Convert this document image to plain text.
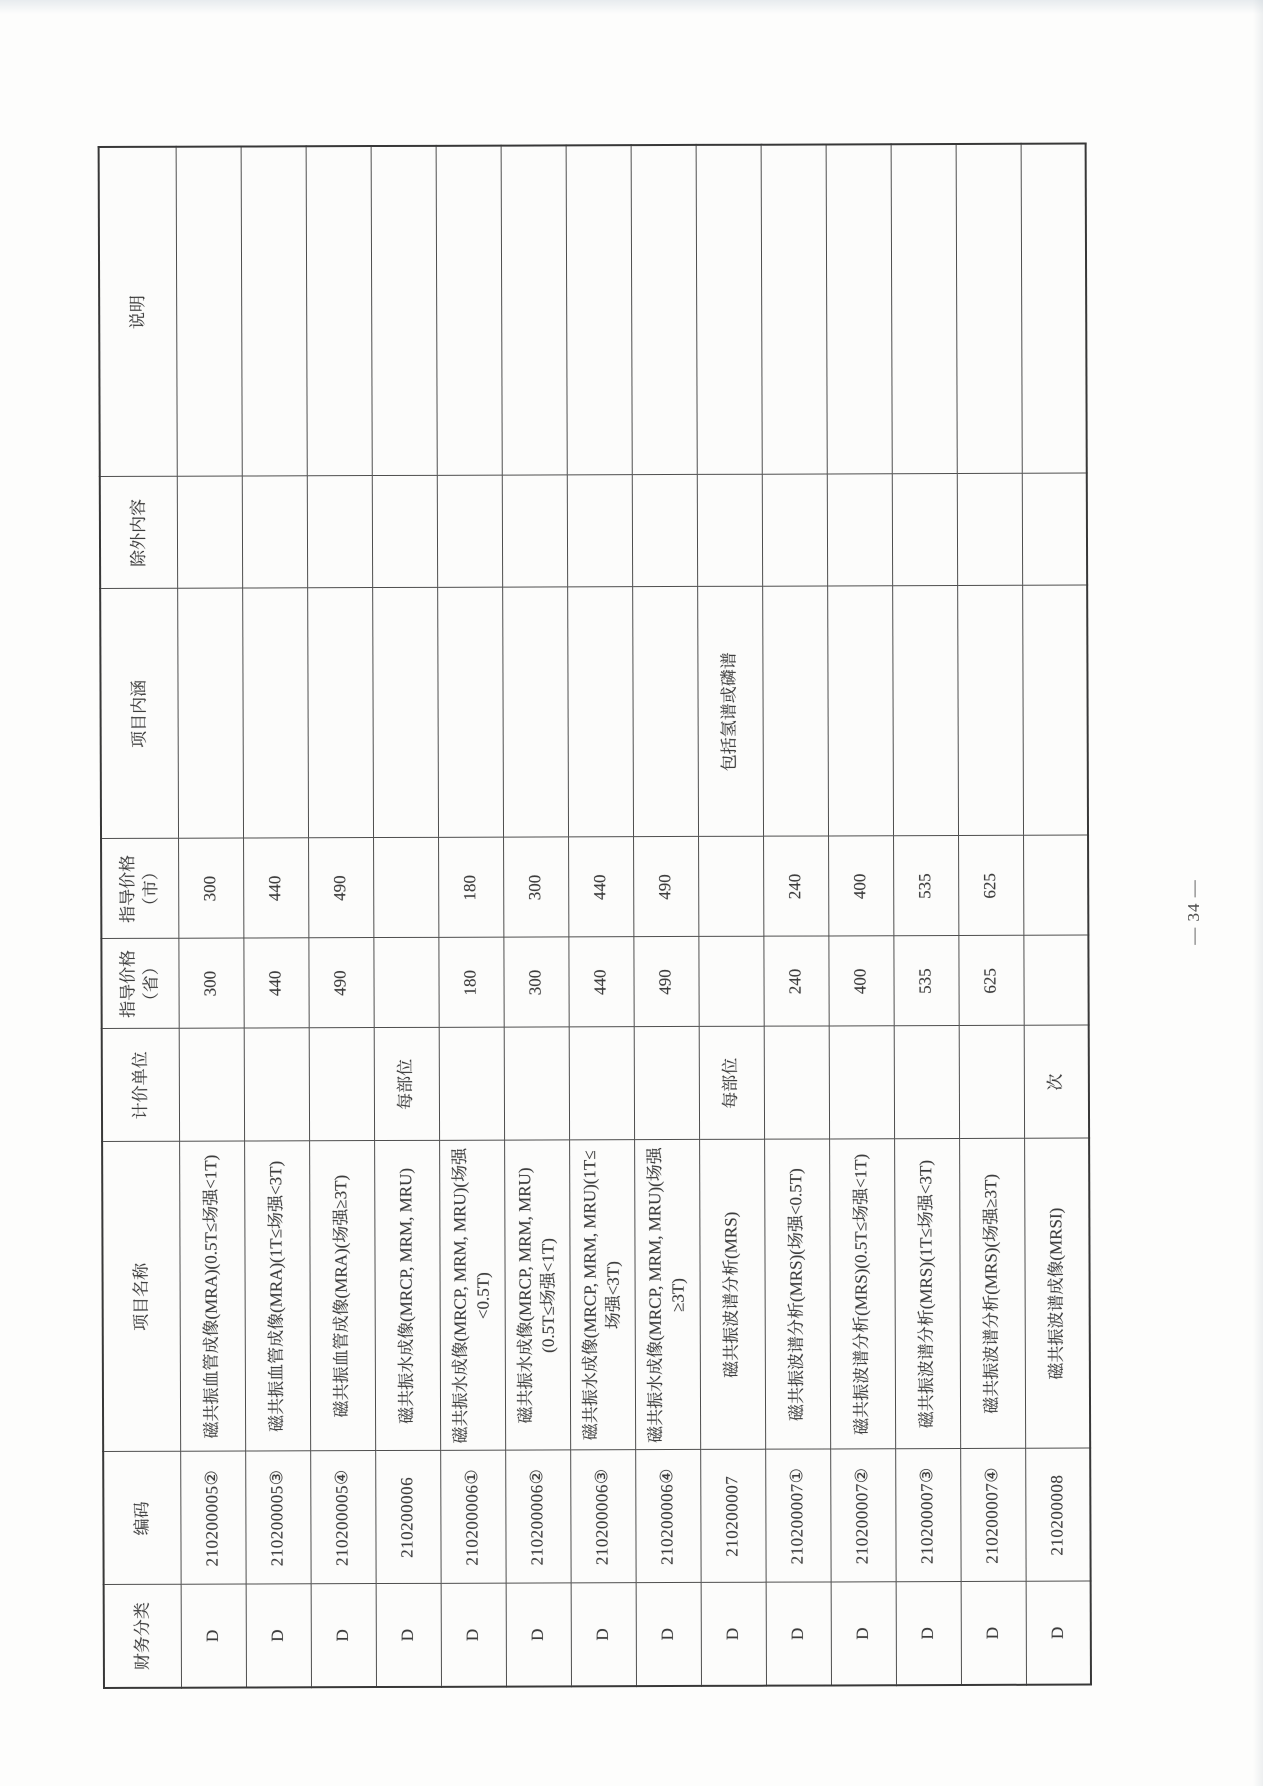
财务分类	编码	项目名称	计价单位	指导价格（省）	指导价格（市）	项目内涵	除外内容	说明
D	210200005②	磁共振血管成像(MRA)(0.5T≤场强<1T)		300	300			
D	210200005③	磁共振血管成像(MRA)(1T≤场强<3T)		440	440			
D	210200005④	磁共振血管成像(MRA)(场强≥3T)		490	490			
D	210200006	磁共振水成像(MRCP, MRM, MRU)	每部位					
D	210200006①	磁共振水成像(MRCP, MRM, MRU)(场强<0.5T)		180	180			
D	210200006②	磁共振水成像(MRCP, MRM, MRU)(0.5T≤场强<1T)		300	300			
D	210200006③	磁共振水成像(MRCP, MRM, MRU)(1T≤场强<3T)		440	440			
D	210200006④	磁共振水成像(MRCP, MRM, MRU)(场强≥3T)		490	490			
D	210200007	磁共振波谱分析(MRS)	每部位			包括氢谱或磷谱		
D	210200007①	磁共振波谱分析(MRS)(场强<0.5T)		240	240			
D	210200007②	磁共振波谱分析(MRS)(0.5T≤场强<1T)		400	400			
D	210200007③	磁共振波谱分析(MRS)(1T≤场强<3T)		535	535			
D	210200007④	磁共振波谱分析(MRS)(场强≥3T)		625	625			
D	210200008	磁共振波谱成像(MRSI)	次					
— 34 —
